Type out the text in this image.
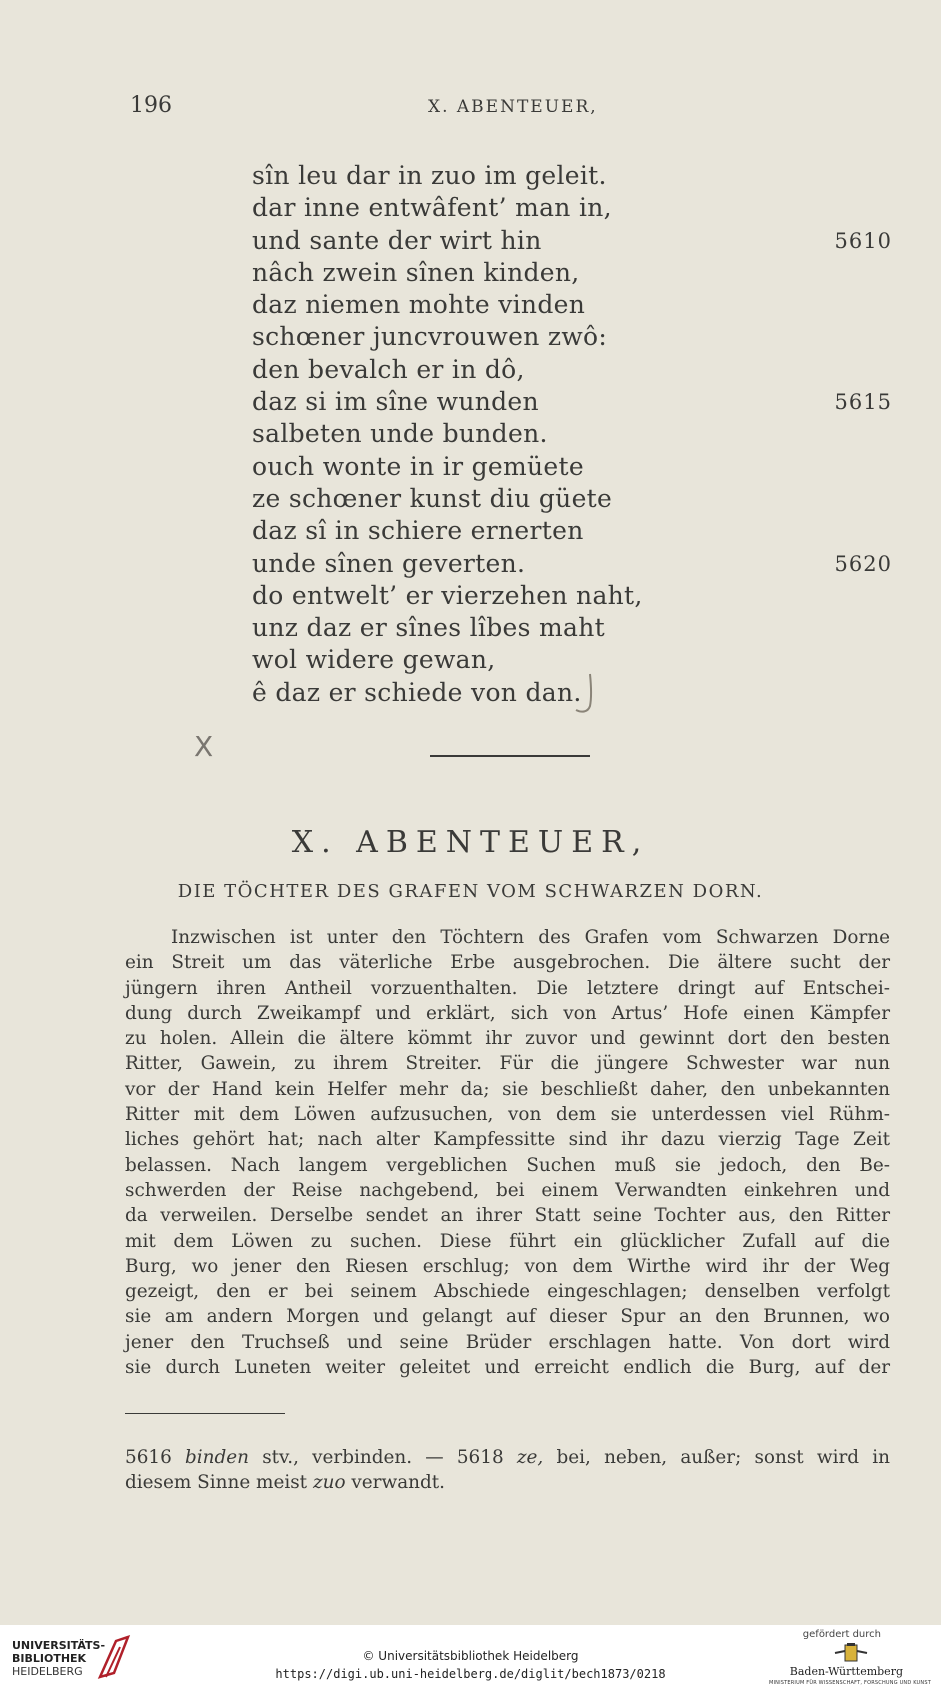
196	X. ABENTEUER,
sîn leu dar in zuo im geleit.
dar inne entwâfent’ man in,
und sante der wirt hin	5610
nâch zwein sînen kinden,
daz niemen mohte vinden
schœner juncvrouwen zwô:
den bevalch er in dô,
daz si im sîne wunden	5615
salbeten unde bunden.
ouch wonte in ir gemüete
ze schœner kunst diu güete
daz sî in schiere ernerten
unde sînen geverten.	5620
do entwelt’ er vierzehen naht,
unz daz er sînes lîbes maht
wol widere gewan,
ê daz er schiede von dan.
X
X. ABENTEUER,
DIE TÖCHTER DES GRAFEN VOM SCHWARZEN DORN.
Inzwischen ist unter den Töchtern des Grafen vom Schwarzen Dorne
ein Streit um das väterliche Erbe ausgebrochen. Die ältere sucht der
jüngern ihren Antheil vorzuenthalten. Die letztere dringt auf Entschei-
dung durch Zweikampf und erklärt, sich von Artus’ Hofe einen Kämpfer
zu holen. Allein die ältere kömmt ihr zuvor und gewinnt dort den besten
Ritter, Gawein, zu ihrem Streiter. Für die jüngere Schwester war nun
vor der Hand kein Helfer mehr da; sie beschließt daher, den unbekannten
Ritter mit dem Löwen aufzusuchen, von dem sie unterdessen viel Rühm-
liches gehört hat; nach alter Kampfessitte sind ihr dazu vierzig Tage Zeit
belassen. Nach langem vergeblichen Suchen muß sie jedoch, den Be-
schwerden der Reise nachgebend, bei einem Verwandten einkehren und
da verweilen. Derselbe sendet an ihrer Statt seine Tochter aus, den Ritter
mit dem Löwen zu suchen. Diese führt ein glücklicher Zufall auf die
Burg, wo jener den Riesen erschlug; von dem Wirthe wird ihr der Weg
gezeigt, den er bei seinem Abschiede eingeschlagen; denselben verfolgt
sie am andern Morgen und gelangt auf dieser Spur an den Brunnen, wo
jener den Truchseß und seine Brüder erschlagen hatte. Von dort wird
sie durch Luneten weiter geleitet und erreicht endlich die Burg, auf der
5616 binden stv., verbinden. — 5618 ze, bei, neben, außer; sonst wird in
diesem Sinne meist zuo verwandt.
UNIVERSITÄTS-
BIBLIOTHEK
HEIDELBERG
© Universitätsbibliothek Heidelberg
https://digi.ub.uni-heidelberg.de/diglit/bech1873/0218
gefördert durch
Baden-Württemberg
MINISTERIUM FÜR WISSENSCHAFT, FORSCHUNG UND KUNST
